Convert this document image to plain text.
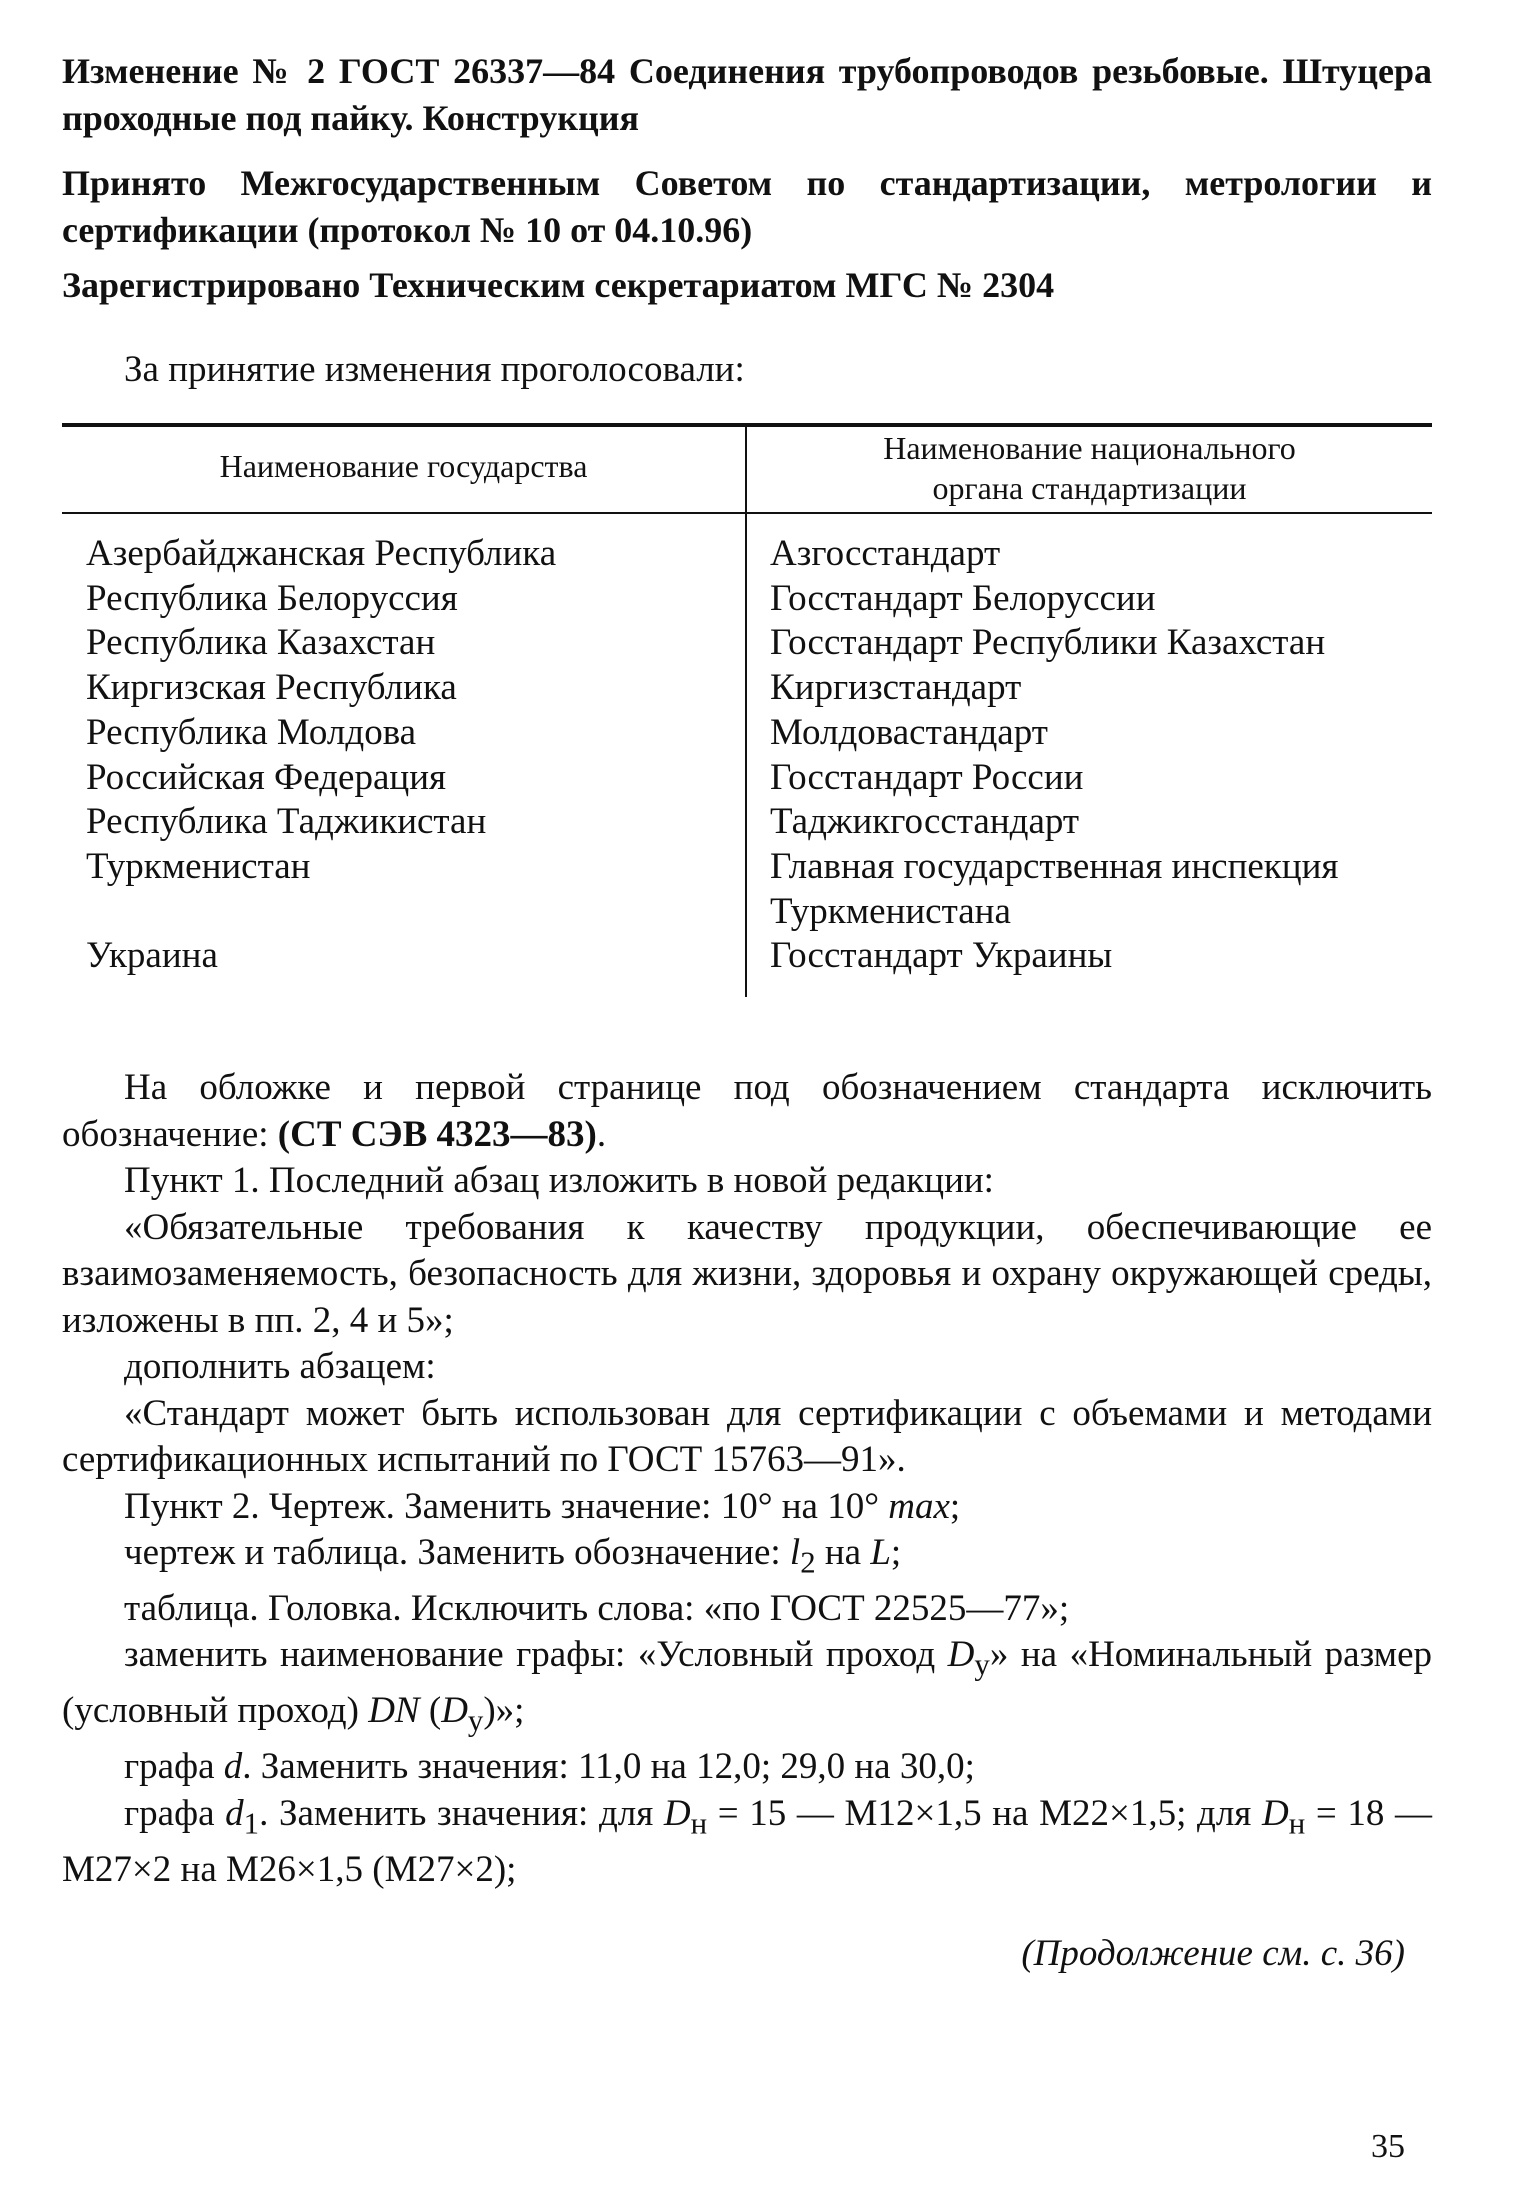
Изменение № 2 ГОСТ 26337—84 Соединения трубопроводов резьбовые. Штуцера проходные под пайку. Конструкция

Принято Межгосударственным Советом по стандартизации, метрологии и сертификации (протокол № 10 от 04.10.96)

Зарегистрировано Техническим секретариатом МГС № 2304

За принятие изменения проголосовали:

Наименование государства	Наименование национального
органа стандартизации
Азербайджанская Республика
Республика Белоруссия
Республика Казахстан
Киргизская Республика
Республика Молдова
Российская Федерация
Республика Таджикистан
Туркменистан

Украина
Азгосстандарт
Госстандарт Белоруссии
Госстандарт Республики Казахстан
Киргизстандарт
Молдовастандарт
Госстандарт России
Таджикгосстандарт
Главная государственная инспекция
Туркменистана
Госстандарт Украины

На обложке и первой странице под обозначением стандарта исключить обозначение: (СТ СЭВ 4323—83).

Пункт 1. Последний абзац изложить в новой редакции:

«Обязательные требования к качеству продукции, обеспечивающие ее взаимозаменяемость, безопасность для жизни, здоровья и охрану окружающей среды, изложены в пп. 2, 4 и 5»;

дополнить абзацем:

«Стандарт может быть использован для сертификации с объемами и методами сертификационных испытаний по ГОСТ 15763—91».

Пункт 2. Чертеж. Заменить значение: 10° на 10° max;

чертеж и таблица. Заменить обозначение: $l_2$ на L;

таблица. Головка. Исключить слова: «по ГОСТ 22525—77»;

заменить наименование графы: «Условный проход $D_y$» на «Номинальный размер (условный проход) DN $(D_y)$»;

графа d. Заменить значения: 11,0 на 12,0; 29,0 на 30,0;

графа $d_1$. Заменить значения: для $D_н = 15$ — М12×1,5 на М22×1,5; для $D_н = 18$ — М27×2 на М26×1,5 (М27×2);

(Продолжение см. с. 36)
35
